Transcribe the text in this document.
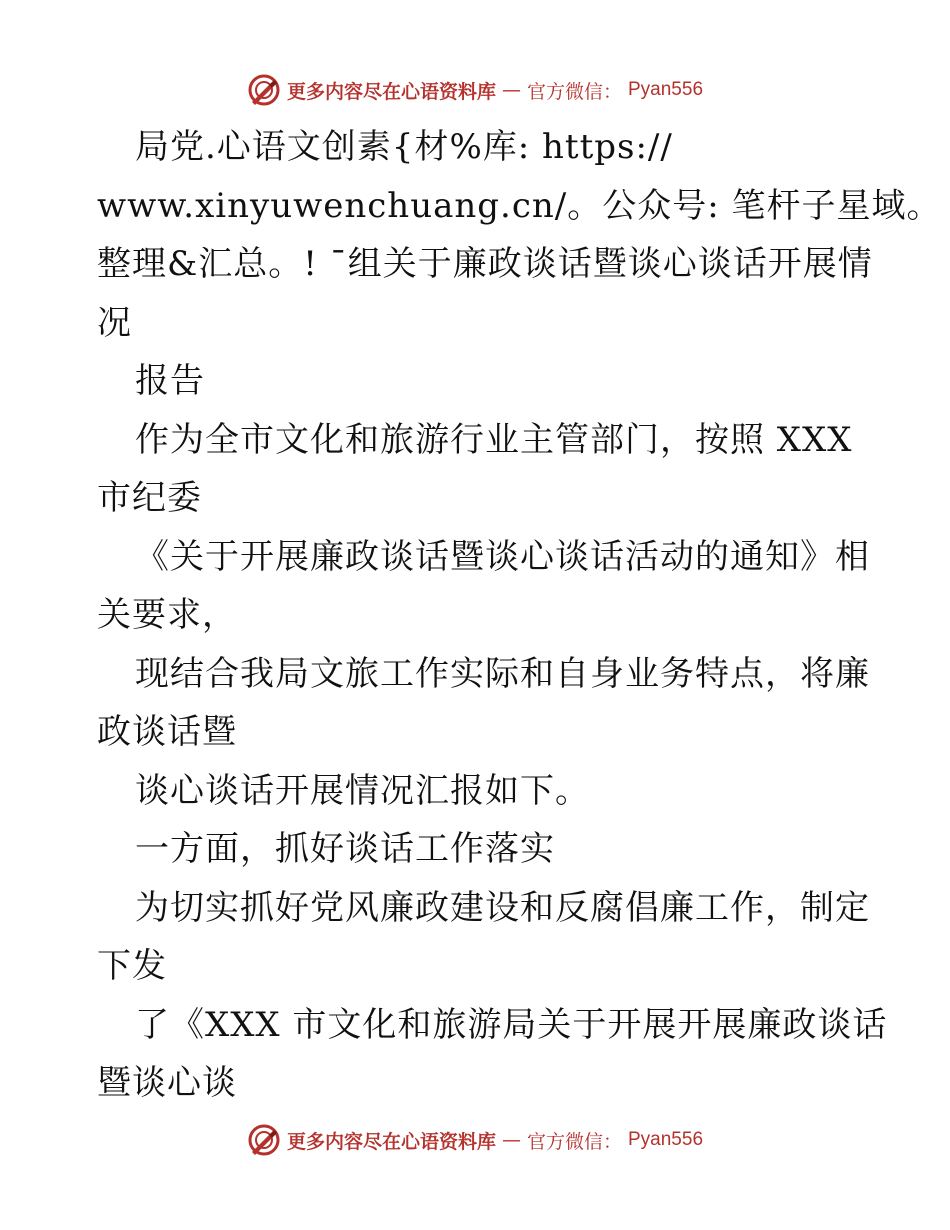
更多内容尽在心语资料库 — 官方微信： Pyan556
局党.心语文创素{材%库: https://
www.xinyuwenchuang.cn/。公众号: 笔杆子星域。
整理&汇总。! ¯组关于廉政谈话暨谈心谈话开展情
况
报告
作为全市文化和旅游行业主管部门，按照 XXX
市纪委
《关于开展廉政谈话暨谈心谈话活动的通知》相
关要求，
现结合我局文旅工作实际和自身业务特点，将廉
政谈话暨
谈心谈话开展情况汇报如下。
一方面，抓好谈话工作落实
为切实抓好党风廉政建设和反腐倡廉工作，制定
下发
了《XXX 市文化和旅游局关于开展开展廉政谈话
暨谈心谈
更多内容尽在心语资料库 — 官方微信： Pyan556
